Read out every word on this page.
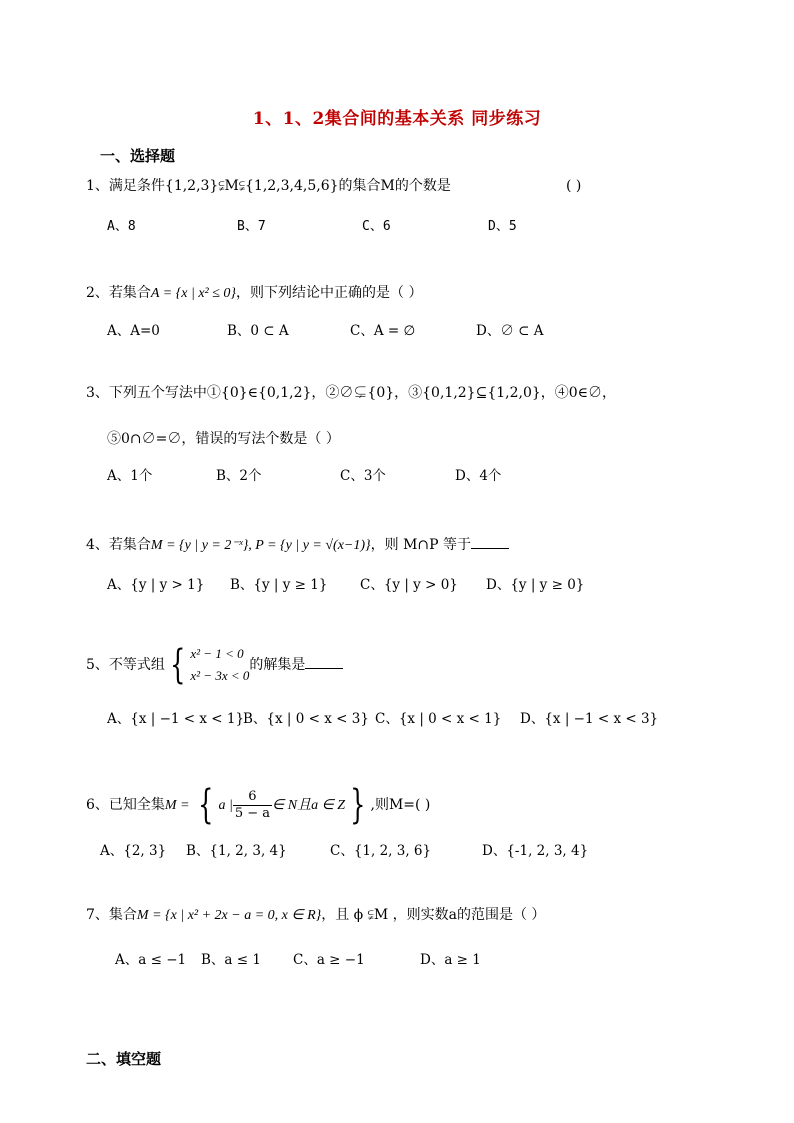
1、1、2集合间的基本关系 同步练习
一、选择题
1、满足条件{1,2,3}⫋M⫋{1,2,3,4,5,6}的集合M的个数是	( )
A、8	B、7	C、6	D、5
2、若集合A = {x | x² ≤ 0}，则下列结论中正确的是（ ）
A、A=0	B、0 ⊂ A	C、A = ∅	D、∅ ⊂ A
3、下列五个写法中①{0}∈{0,1,2}，②∅⊊{0}，③{0,1,2}⊆{1,2,0}，④0∈∅，
⑤0∩∅=∅，错误的写法个数是（ ）
A、1个	B、2个	C、3个	D、4个
4、若集合M = {y | y = 2⁻ˣ}, P = {y | y = √(x−1)}，则 M∩P 等于
A、{y | y > 1} B、{y | y ≥ 1} C、{y | y > 0} D、{y | y ≥ 0}
5、不等式组 { x² − 1 < 0
x² − 3x < 0
的解集是
A、{x | −1 < x < 1}
B、{x | 0 < x < 3} C、{x | 0 < x < 1} D、{x | −1 < x < 3}
6、已知全集M = { a | $\frac{6}{5 - a}$ ∈ N且a ∈ Z } ,则M=( )
A、{2, 3} B、{1, 2, 3, 4}	C、{1, 2, 3, 6}	D、{-1, 2, 3, 4}
7、集合M = {x | x² + 2x − a = 0, x ∈ R}，且 ϕ ⫋M ，则实数a的范围是（ ）
A、a ≤ −1 B、a ≤ 1 C、a ≥ −1	D、a ≥ 1
二、填空题
